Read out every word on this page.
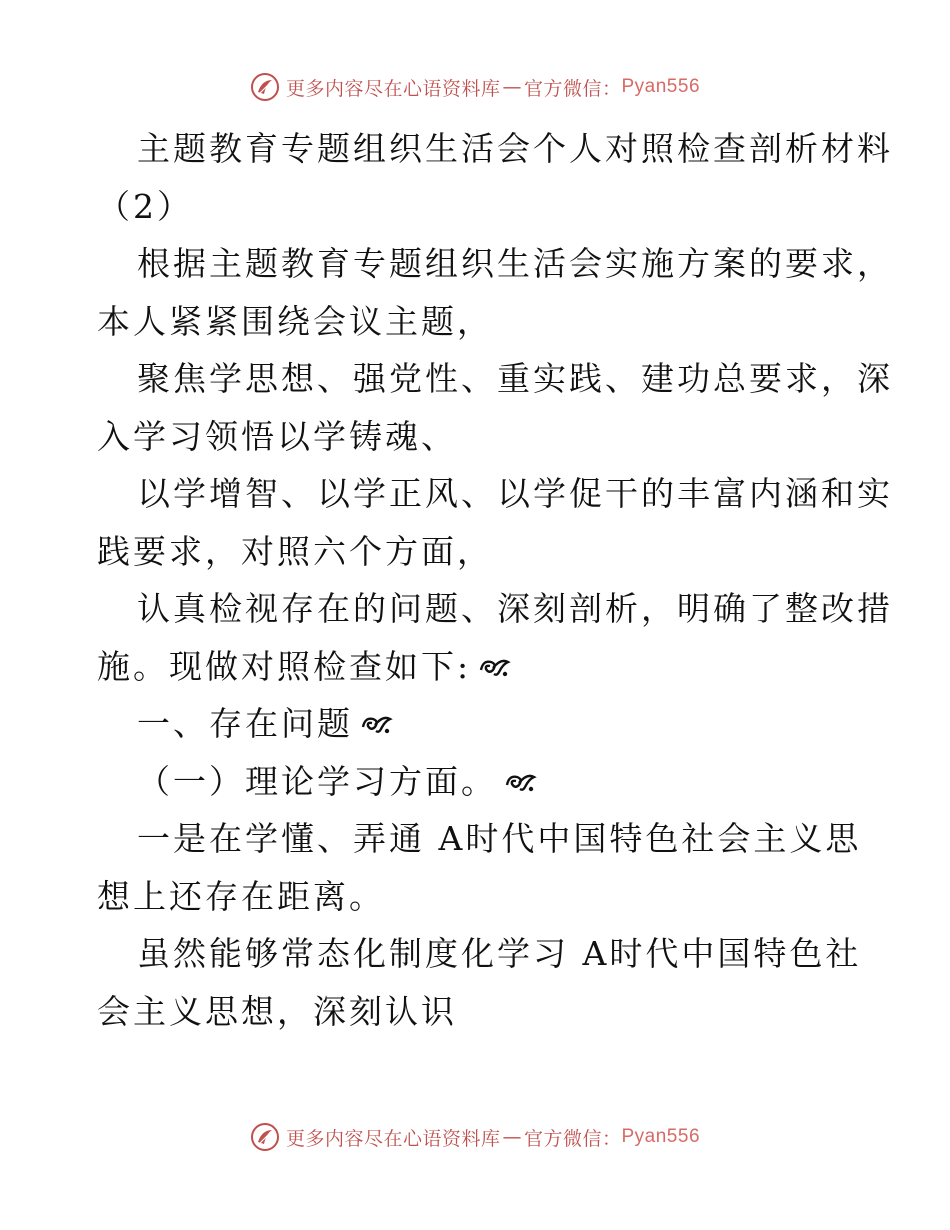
更多内容尽在心语资料库 — 官方微信： Pyan556
主题教育专题组织生活会个人对照检查剖析材料
（2）
根据主题教育专题组织生活会实施方案的要求，
本人紧紧围绕会议主题，
聚焦学思想、强党性、重实践、建功总要求，深
入学习领悟以学铸魂、
以学增智、以学正风、以学促干的丰富内涵和实
践要求，对照六个方面，
认真检视存在的问题、深刻剖析，明确了整改措
施。现做对照检查如下:
一、存在问题
（一）理论学习方面。
一是在学懂、弄通 A时代中国特色社会主义思
想上还存在距离。
虽然能够常态化制度化学习 A时代中国特色社
会主义思想，深刻认识
更多内容尽在心语资料库 — 官方微信： Pyan556
